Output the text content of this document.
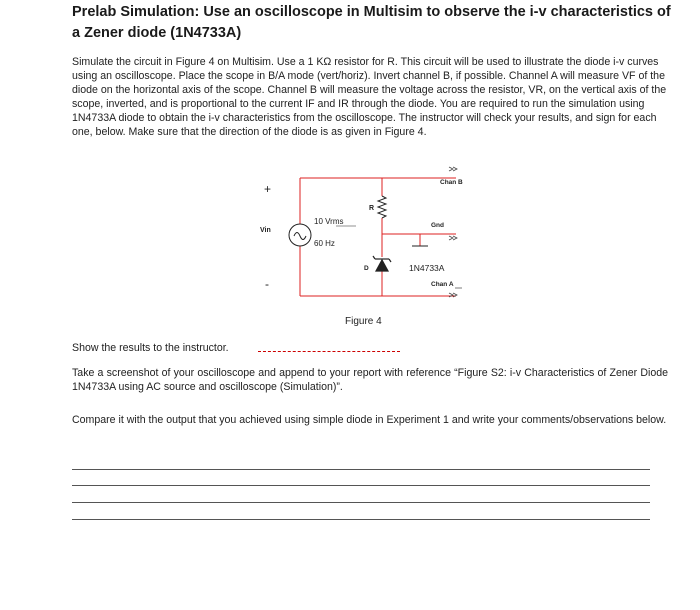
Prelab Simulation: Use an oscilloscope in Multisim to observe the i-v characteristics of a Zener diode (1N4733A)

Simulate the circuit in Figure 4 on Multisim. Use a 1 KΩ resistor for R. This circuit will be used to illustrate the diode i-v curves using an oscilloscope. Place the scope in B/A mode (vert/horiz). Invert channel B, if possible. Channel A will measure VF of the diode on the horizontal axis of the scope. Channel B will measure the voltage across the resistor, VR, on the vertical axis of the scope, inverted, and is proportional to the current IF and IR through the diode. You are required to run the simulation using 1N4733A diode to obtain the i-v characteristics from the oscilloscope. The instructor will check your results, and sign for each one, below. Make sure that the direction of the diode is as given in Figure 4.

+
-
Vin
10 Vrms
60 Hz
R
D	1N4733A
Chan B
Gnd
Chan A
Figure 4
Show the results to the instructor.

Take a screenshot of your oscilloscope and append to your report with reference “Figure S2: i-v Characteristics of Zener Diode 1N4733A using AC source and oscilloscope (Simulation)”.

Compare it with the output that you achieved using simple diode in Experiment 1 and write your comments/observations below.
